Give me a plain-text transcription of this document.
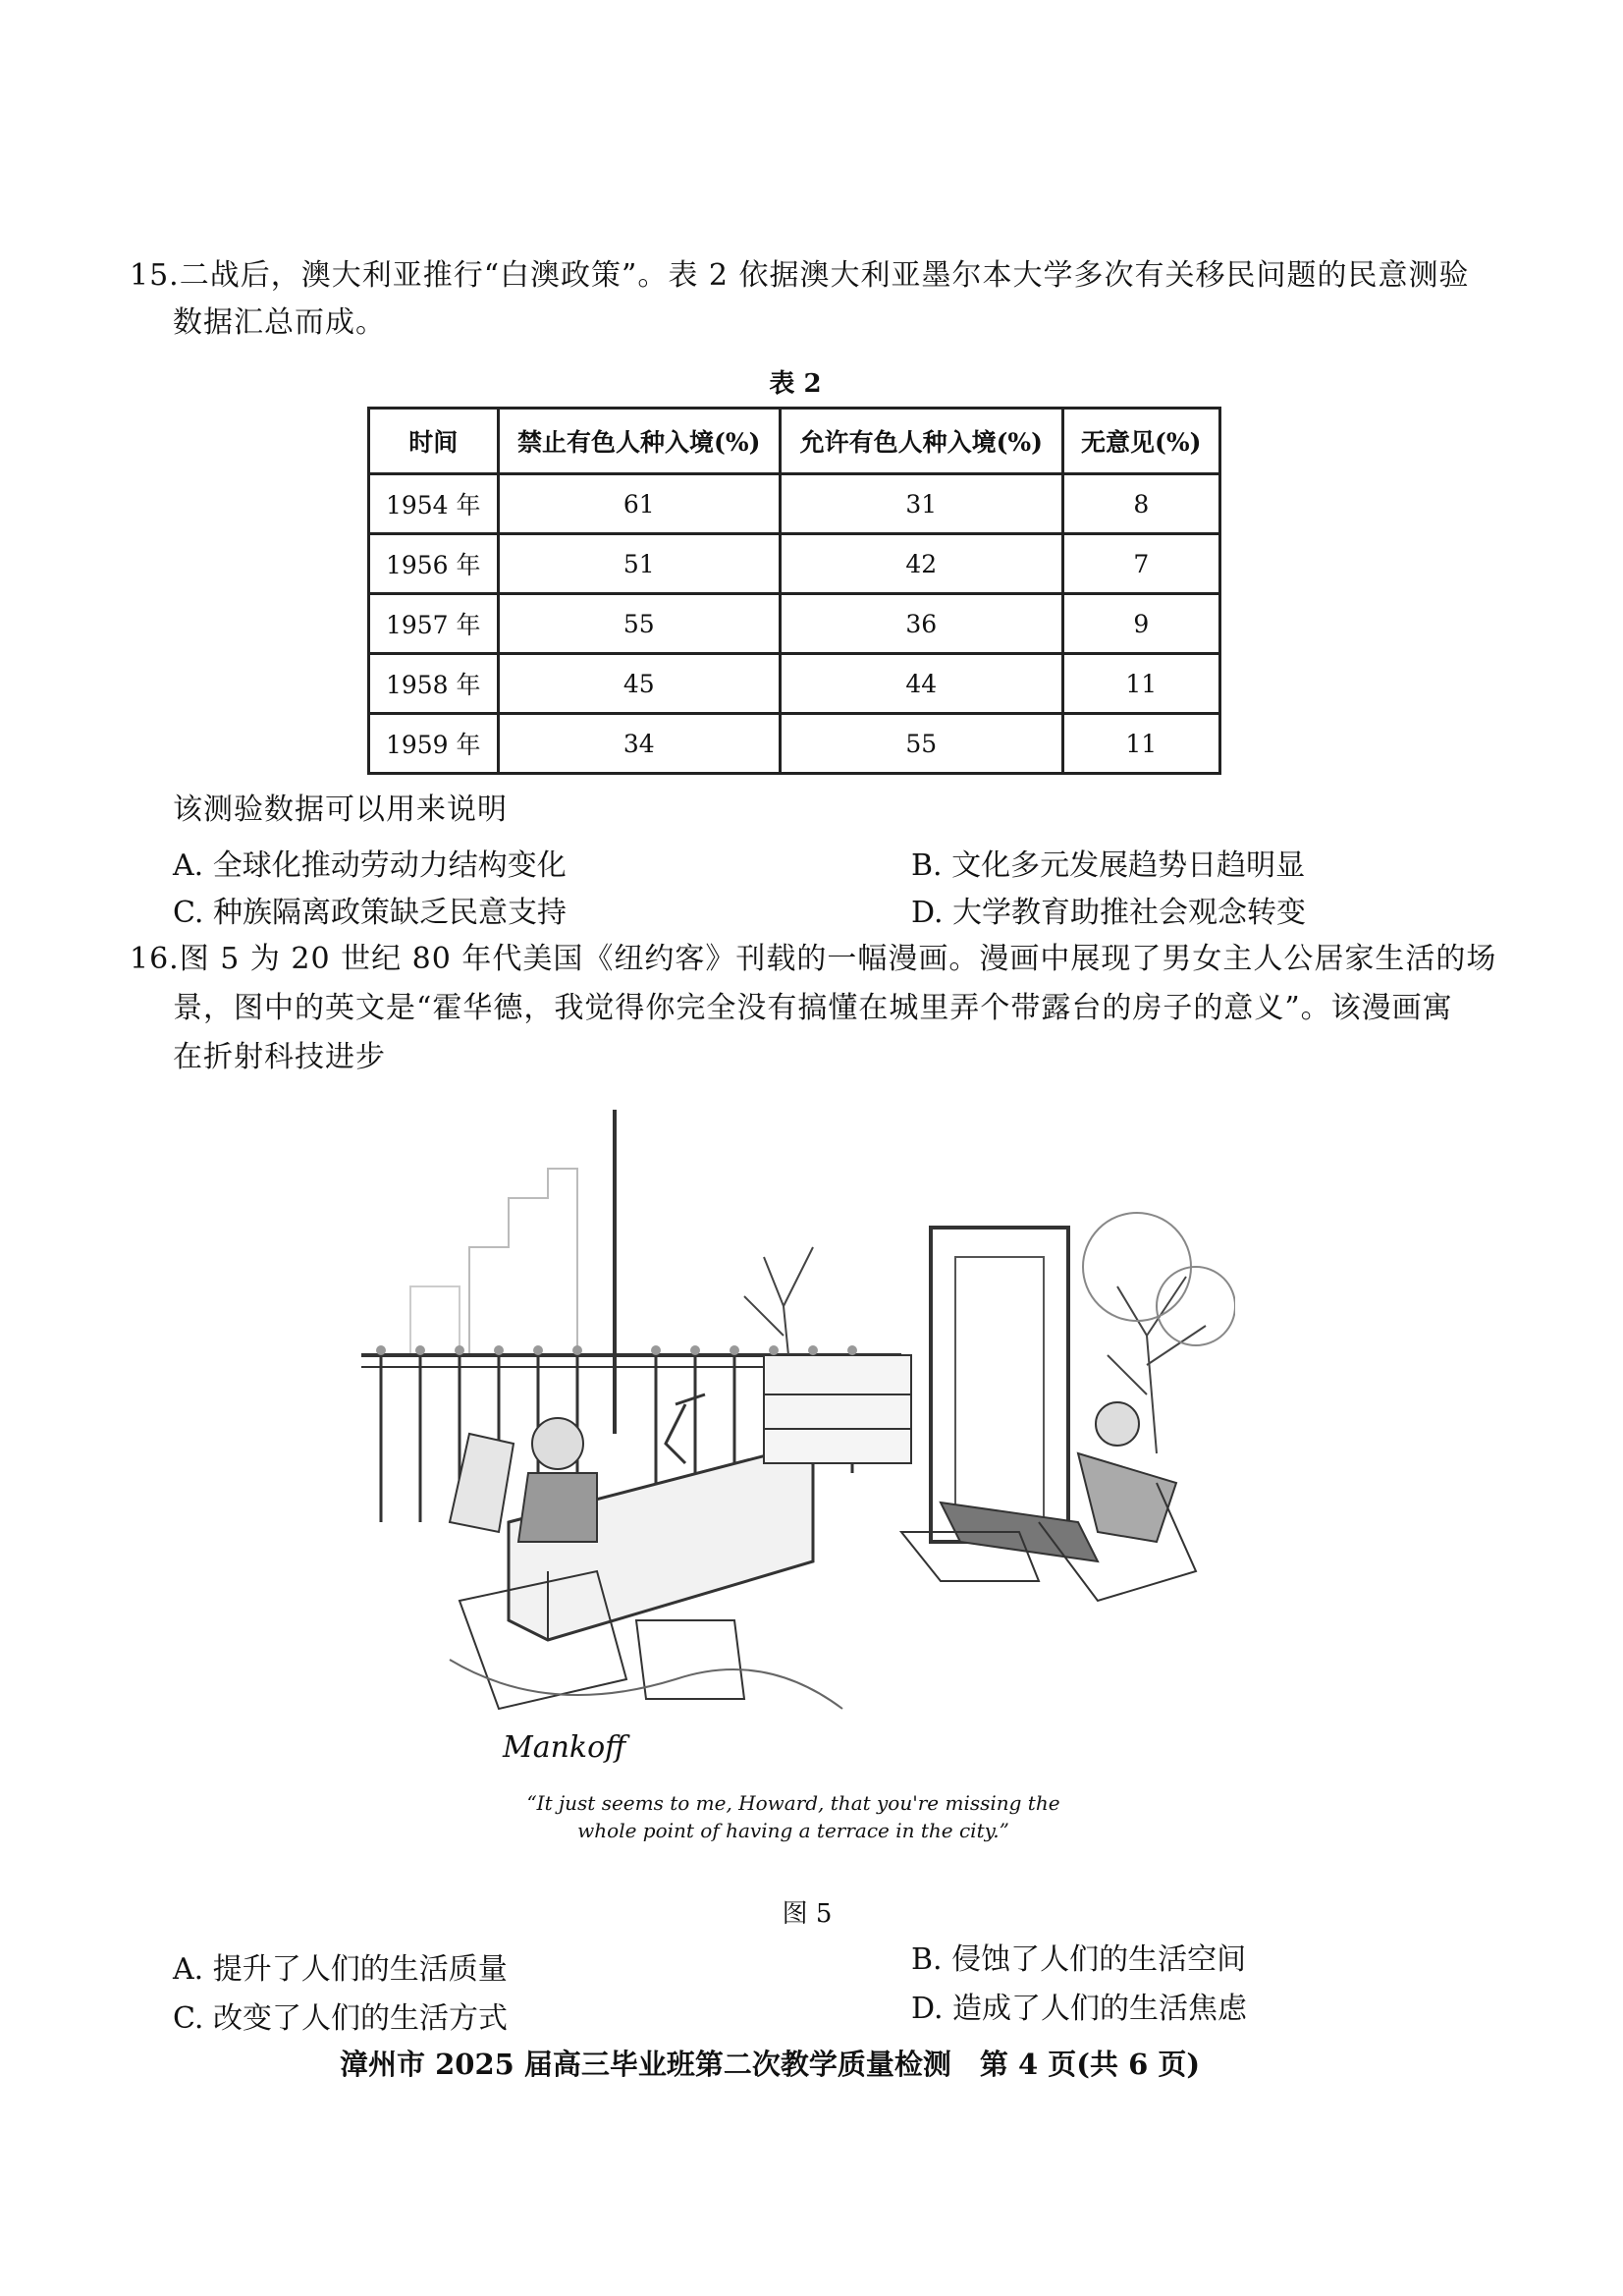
15.二战后，澳大利亚推行“白澳政策”。表 2 依据澳大利亚墨尔本大学多次有关移民问题的民意测验
数据汇总而成。
表 2
时间	禁止有色人种入境(%)	允许有色人种入境(%)	无意见(%)
1954 年	61	31	8
1956 年	51	42	7
1957 年	55	36	9
1958 年	45	44	11
1959 年	34	55	11
该测验数据可以用来说明
A. 全球化推动劳动力结构变化	B. 文化多元发展趋势日趋明显
C. 种族隔离政策缺乏民意支持	D. 大学教育助推社会观念转变
16.图 5 为 20 世纪 80 年代美国《纽约客》刊载的一幅漫画。漫画中展现了男女主人公居家生活的场
景，图中的英文是“霍华德，我觉得你完全没有搞懂在城里弄个带露台的房子的意义”。该漫画寓
在折射科技进步
Mankoff
“It just seems to me, Howard, that you're missing the
whole point of having a terrace in the city.”
图 5
A. 提升了人们的生活质量	B. 侵蚀了人们的生活空间
C. 改变了人们的生活方式	D. 造成了人们的生活焦虑
漳州市 2025 届高三毕业班第二次教学质量检测　第 4 页(共 6 页)
